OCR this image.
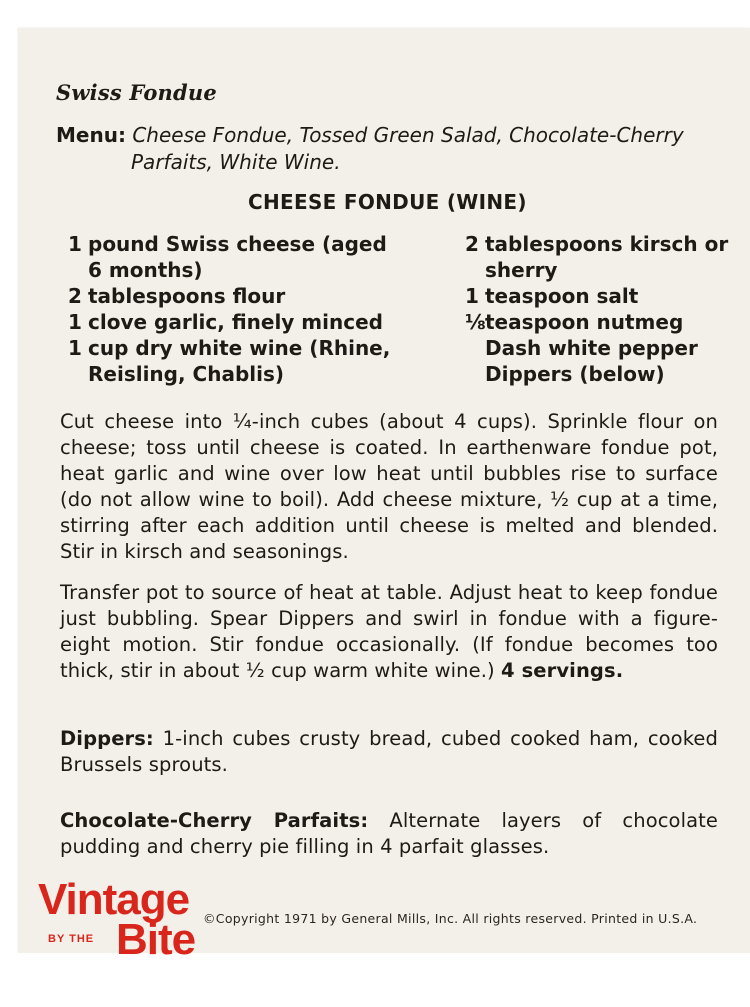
Swiss Fondue
Menu: Cheese Fondue, Tossed Green Salad, Chocolate-Cherry
Parfaits, White Wine.
CHEESE FONDUE (WINE)
1 pound Swiss cheese (aged
6 months)
2 tablespoons flour
1 clove garlic, finely minced
1 cup dry white wine (Rhine,
Reisling, Chablis)
2 tablespoons kirsch or
sherry
1 teaspoon salt
⅛ teaspoon nutmeg
Dash white pepper
Dippers (below)
Cut cheese into ¼-inch cubes (about 4 cups). Sprinkle flour on cheese; toss until cheese is coated. In earthenware fondue pot, heat garlic and wine over low heat until bubbles rise to surface (do not allow wine to boil). Add cheese mixture, ½ cup at a time, stirring after each addition until cheese is melted and blended. Stir in kirsch and seasonings.
Transfer pot to source of heat at table. Adjust heat to keep fondue just bubbling. Spear Dippers and swirl in fondue with a figure-eight motion. Stir fondue occasionally. (If fondue becomes too thick, stir in about ½ cup warm white wine.) 4 servings.
Dippers: 1-inch cubes crusty bread, cubed cooked ham, cooked Brussels sprouts.
Chocolate-Cherry Parfaits: Alternate layers of chocolate pudding and cherry pie filling in 4 parfait glasses.
Vintage
BY THE Bite ©Copyright 1971 by General Mills, Inc. All rights reserved. Printed in U.S.A.
